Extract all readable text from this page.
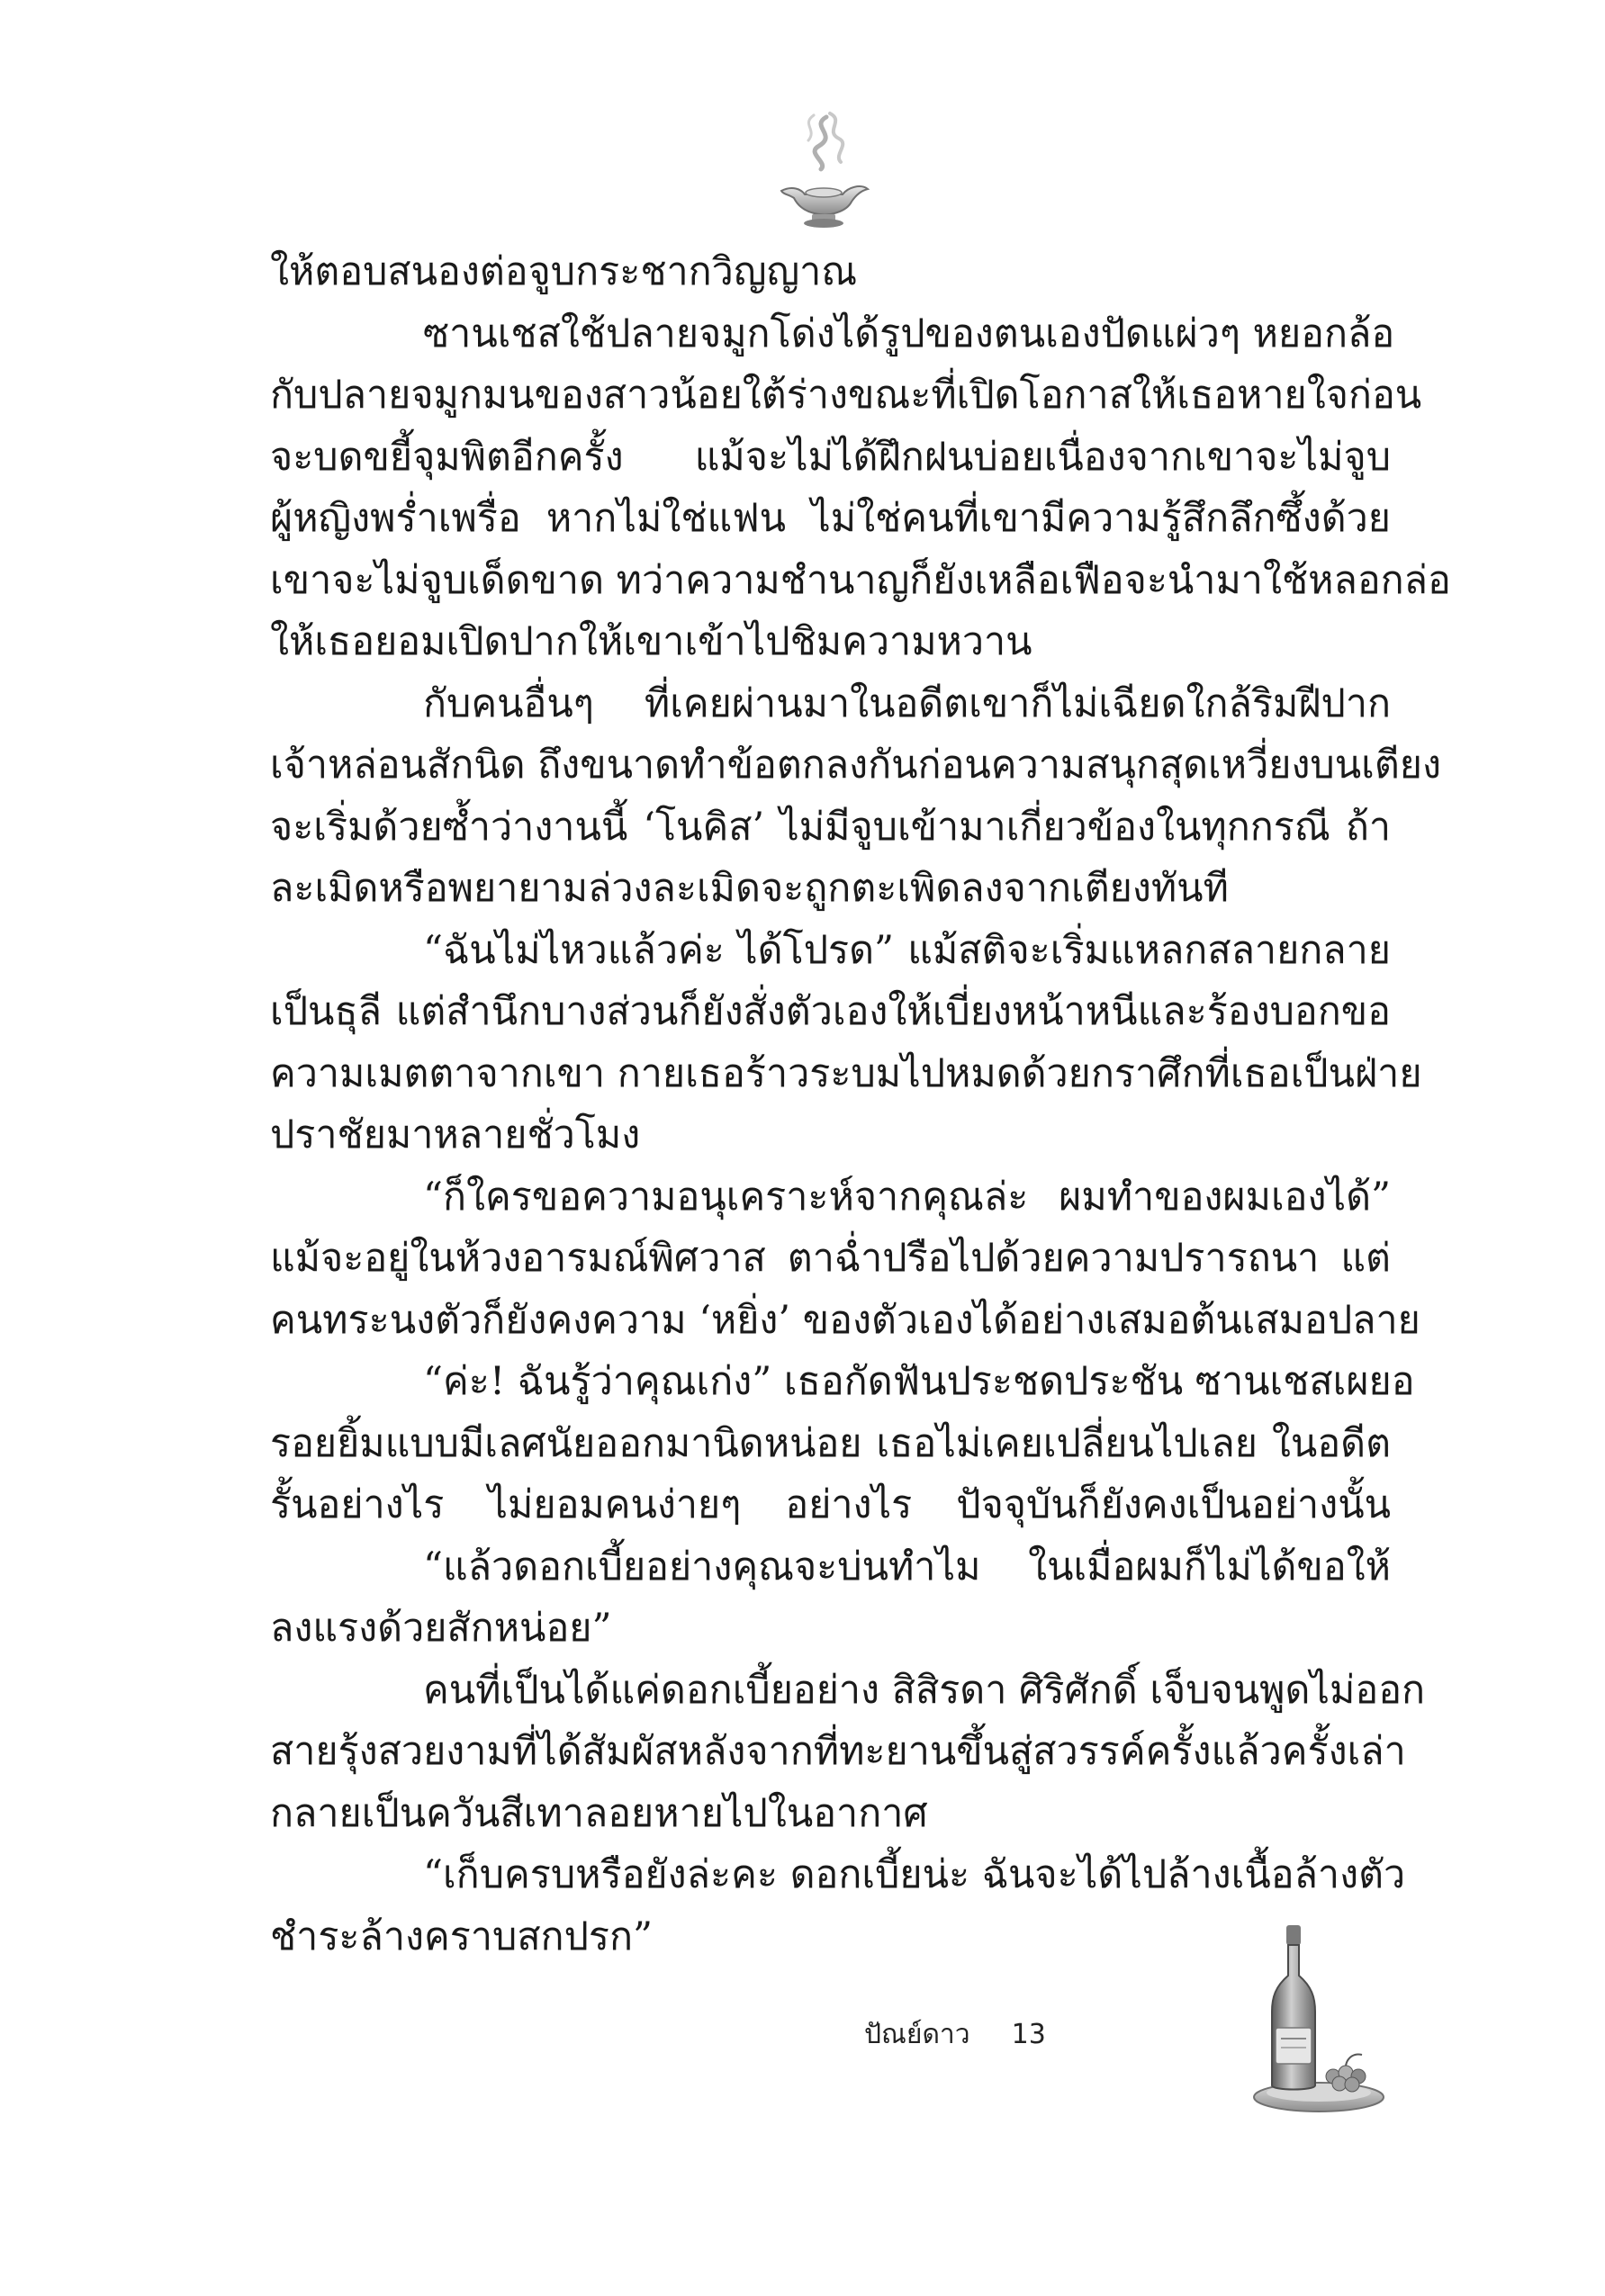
ให้ตอบสนองต่อจูบกระชากวิญญาณ
ซานเชสใช้ปลายจมูกโด่งได้รูปของตนเองปัดแผ่วๆ หยอกล้อ
กับปลายจมูกมนของสาวน้อยใต้ร่างขณะที่เปิดโอกาสให้เธอหายใจก่อน
จะบดขยี้จุมพิตอีกครั้ง แม้จะไม่ได้ฝึกฝนบ่อยเนื่องจากเขาจะไม่จูบ
ผู้หญิงพร่ำเพรื่อ หากไม่ใช่แฟน ไม่ใช่คนที่เขามีความรู้สึกลึกซึ้งด้วย
เขาจะไม่จูบเด็ดขาด ทว่าความชำนาญก็ยังเหลือเฟือจะนำมาใช้หลอกล่อ
ให้เธอยอมเปิดปากให้เขาเข้าไปชิมความหวาน
กับคนอื่นๆ ที่เคยผ่านมาในอดีตเขาก็ไม่เฉียดใกล้ริมฝีปาก
เจ้าหล่อนสักนิด ถึงขนาดทำข้อตกลงกันก่อนความสนุกสุดเหวี่ยงบนเตียง
จะเริ่มด้วยซ้ำว่างานนี้ ‘โนคิส’ ไม่มีจูบเข้ามาเกี่ยวข้องในทุกกรณี ถ้า
ละเมิดหรือพยายามล่วงละเมิดจะถูกตะเพิดลงจากเตียงทันที
“ฉันไม่ไหวแล้วค่ะ ได้โปรด” แม้สติจะเริ่มแหลกสลายกลาย
เป็นธุลี แต่สำนึกบางส่วนก็ยังสั่งตัวเองให้เบี่ยงหน้าหนีและร้องบอกขอ
ความเมตตาจากเขา กายเธอร้าวระบมไปหมดด้วยกราศึกที่เธอเป็นฝ่าย
ปราชัยมาหลายชั่วโมง
“ก็ใครขอความอนุเคราะห์จากคุณล่ะ ผมทำของผมเองได้”
แม้จะอยู่ในห้วงอารมณ์พิศวาส ตาฉ่ำปรือไปด้วยความปรารถนา แต่
คนทระนงตัวก็ยังคงความ ‘หยิ่ง’ ของตัวเองได้อย่างเสมอต้นเสมอปลาย
“ค่ะ! ฉันรู้ว่าคุณเก่ง” เธอกัดฟันประชดประชัน ซานเชสเผยอ
รอยยิ้มแบบมีเลศนัยออกมานิดหน่อย เธอไม่เคยเปลี่ยนไปเลย ในอดีต
รั้นอย่างไร ไม่ยอมคนง่ายๆ อย่างไร ปัจจุบันก็ยังคงเป็นอย่างนั้น
“แล้วดอกเบี้ยอย่างคุณจะบ่นทำไม ในเมื่อผมก็ไม่ได้ขอให้
ลงแรงด้วยสักหน่อย”
คนที่เป็นได้แค่ดอกเบี้ยอย่าง สิสิรดา ศิริศักดิ์ เจ็บจนพูดไม่ออก
สายรุ้งสวยงามที่ได้สัมผัสหลังจากที่ทะยานขึ้นสู่สวรรค์ครั้งแล้วครั้งเล่า
กลายเป็นควันสีเทาลอยหายไปในอากาศ
“เก็บครบหรือยังล่ะคะ ดอกเบี้ยน่ะ ฉันจะได้ไปล้างเนื้อล้างตัว
ชำระล้างคราบสกปรก”
ปัณย์ดาว 13
